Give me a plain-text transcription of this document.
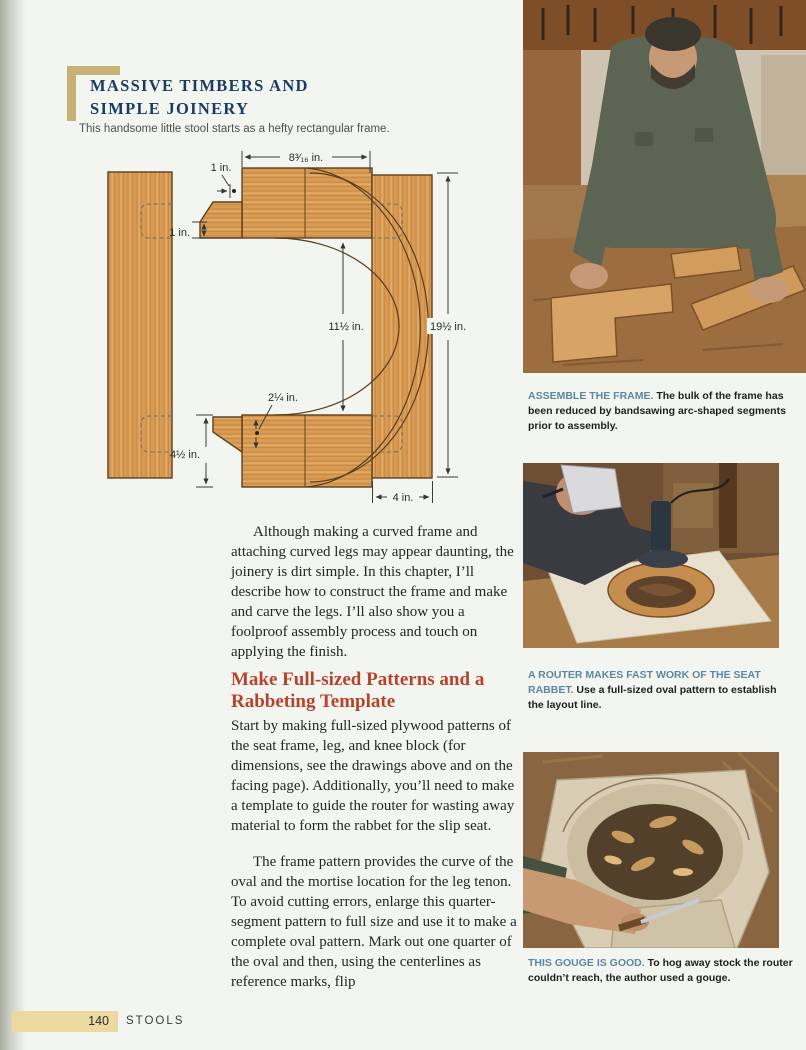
MASSIVE TIMBERS AND
SIMPLE JOINERY

This handsome little stool starts as a hefty rectangular frame.

8³⁄₁₆ in.
1 in.
1 in.
11½ in.	19½ in.
2¼ in.
4½ in.
4 in.

Although making a curved frame and attaching curved legs may appear daunting, the joinery is dirt simple. In this chapter, I’ll describe how to construct the frame and make and carve the legs. I’ll also show you a foolproof assembly process and touch on applying the finish.

Make Full-sized Patterns and a Rabbeting Template

Start by making full-sized plywood patterns of the seat frame, leg, and knee block (for dimensions, see the drawings above and on the facing page). Additionally, you’ll need to make a template to guide the router for wasting away material to form the rabbet for the slip seat.

The frame pattern provides the curve of the oval and the mortise location for the leg tenon. To avoid cutting errors, enlarge this quarter-segment pattern to full size and use it to make a complete oval pattern. Mark out one quarter of the oval and then, using the centerlines as reference marks, flip

ASSEMBLE THE FRAME. The bulk of the frame has been reduced by bandsawing arc-shaped segments prior to assembly.

A ROUTER MAKES FAST WORK OF THE SEAT RABBET. Use a full-sized oval pattern to establish the layout line.

THIS GOUGE IS GOOD. To hog away stock the router couldn’t reach, the author used a gouge.

140	STOOLS
